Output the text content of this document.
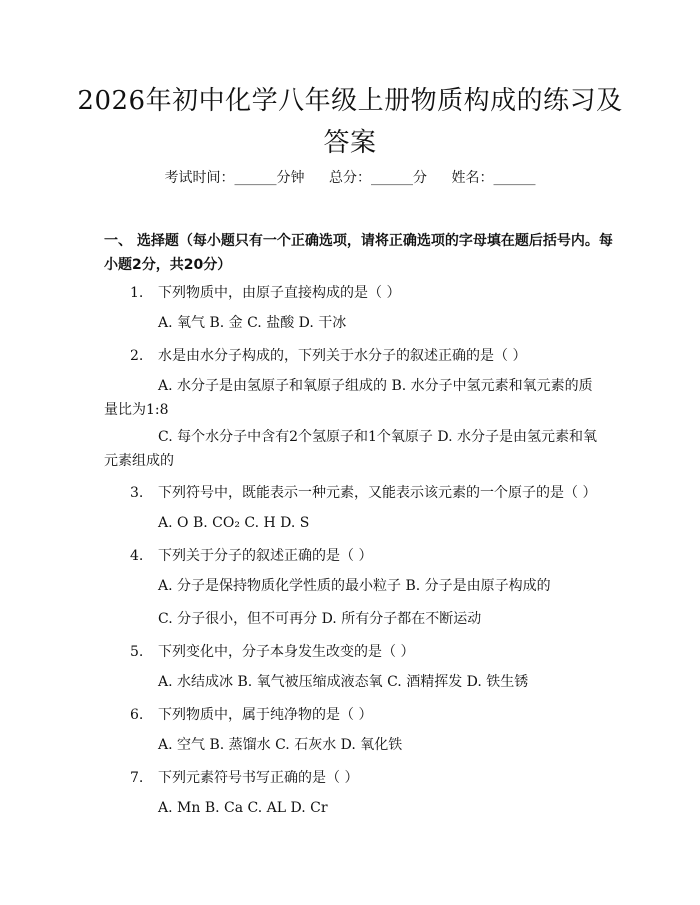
2026年初中化学八年级上册物质构成的练习及答案
考试时间：______分钟 总分：______分 姓名：______
一、 选择题（每小题只有一个正确选项，请将正确选项的字母填在题后括号内。每小题2分，共20分）
1. 下列物质中，由原子直接构成的是（ ）
A. 氧气 B. 金 C. 盐酸 D. 干冰
2. 水是由水分子构成的，下列关于水分子的叙述正确的是（ ）
A. 水分子是由氢原子和氧原子组成的 B. 水分子中氢元素和氧元素的质量比为1:8
C. 每个水分子中含有2个氢原子和1个氧原子 D. 水分子是由氢元素和氧元素组成的
3. 下列符号中，既能表示一种元素，又能表示该元素的一个原子的是（ ）
A. O B. CO₂ C. H D. S
4. 下列关于分子的叙述正确的是（ ）
A. 分子是保持物质化学性质的最小粒子 B. 分子是由原子构成的
C. 分子很小，但不可再分 D. 所有分子都在不断运动
5. 下列变化中，分子本身发生改变的是（ ）
A. 水结成冰 B. 氧气被压缩成液态氧 C. 酒精挥发 D. 铁生锈
6. 下列物质中，属于纯净物的是（ ）
A. 空气 B. 蒸馏水 C. 石灰水 D. 氧化铁
7. 下列元素符号书写正确的是（ ）
A. Mn B. Ca C. AL D. Cr
